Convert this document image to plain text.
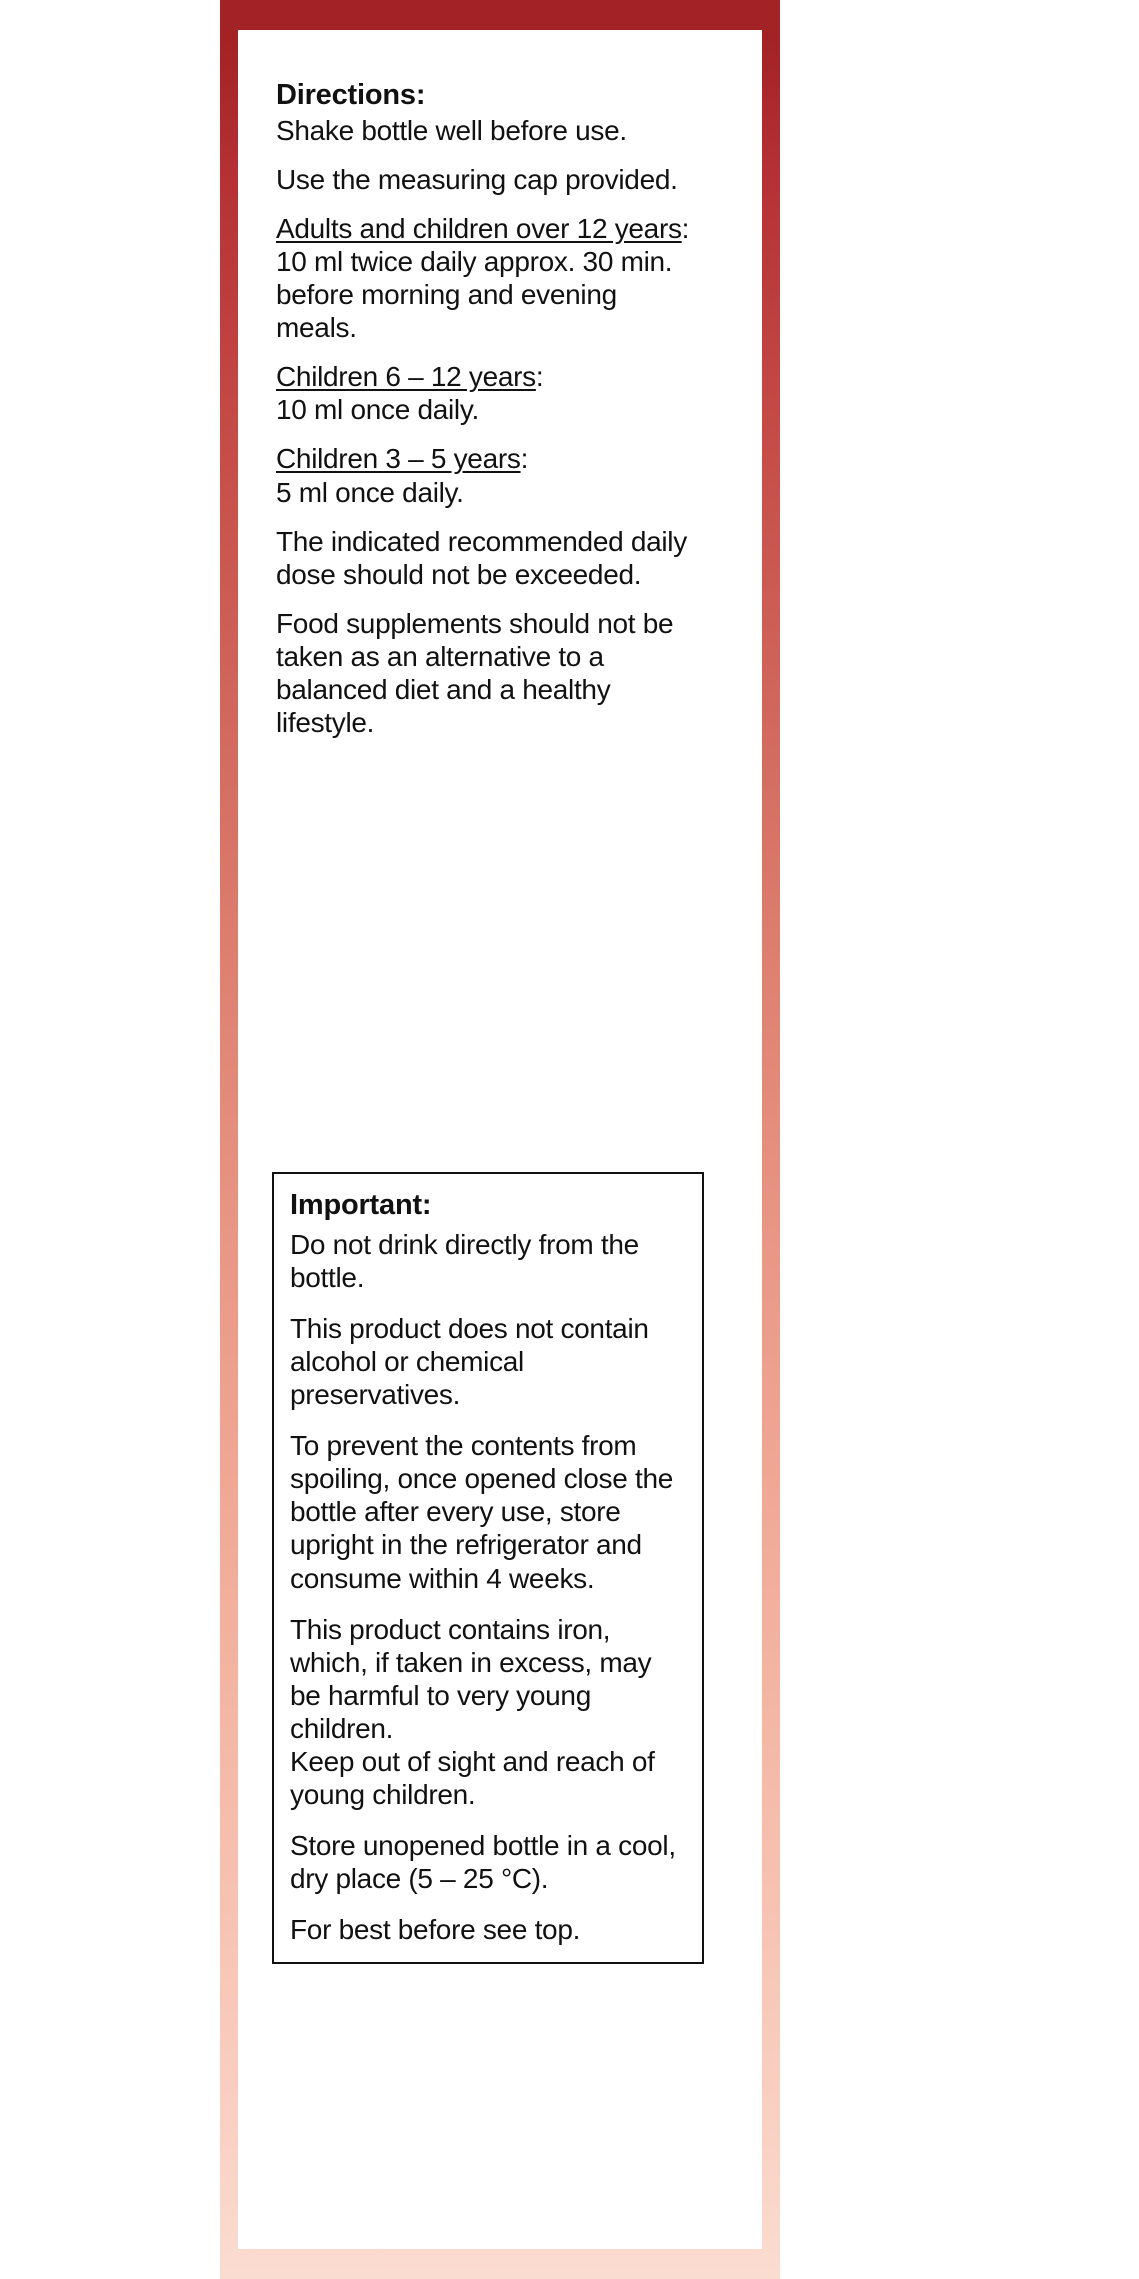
Directions:

Shake bottle well before use.

Use the measuring cap provided.

Adults and children over 12 years:

10 ml twice daily approx. 30 min. before morning and evening meals.

Children 6 – 12 years:

10 ml once daily.

Children 3 – 5 years:

5 ml once daily.

The indicated recommended daily dose should not be exceeded.

Food supplements should not be taken as an alternative to a balanced diet and a healthy lifestyle.

Important:

Do not drink directly from the bottle.

This product does not contain alcohol or chemical preservatives.

To prevent the contents from spoiling, once opened close the bottle after every use, store upright in the refrigerator and consume within 4 weeks.

This product contains iron, which, if taken in excess, may be harmful to very young children.

Keep out of sight and reach of young children.

Store unopened bottle in a cool, dry place (5 – 25 °C).

For best before see top.
